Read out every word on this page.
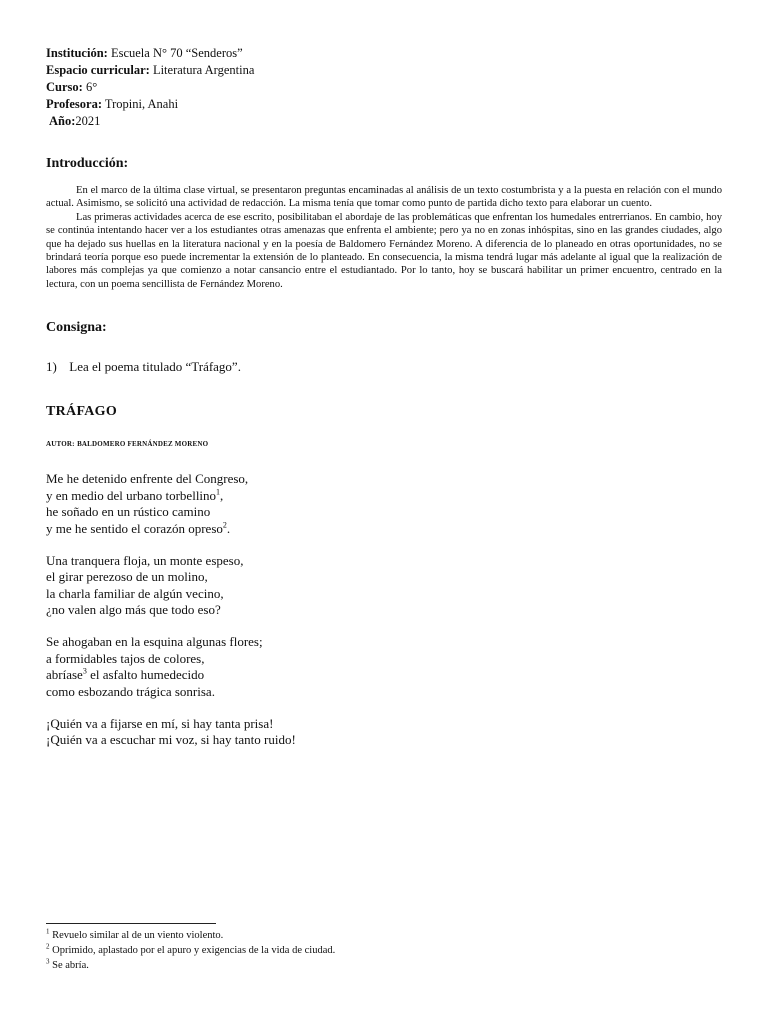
Institución: Escuela N° 70 “Senderos”
Espacio curricular: Literatura Argentina
Curso: 6°
Profesora: Tropini, Anahi
Año:2021
Introducción:

En el marco de la última clase virtual, se presentaron preguntas encaminadas al análisis de un texto costumbrista y a la puesta en relación con el mundo actual. Asimismo, se solicitó una actividad de redacción. La misma tenía que tomar como punto de partida dicho texto para elaborar un cuento.

Las primeras actividades acerca de ese escrito, posibilitaban el abordaje de las problemáticas que enfrentan los humedales entrerrianos. En cambio, hoy se continúa intentando hacer ver a los estudiantes otras amenazas que enfrenta el ambiente; pero ya no en zonas inhóspitas, sino en las grandes ciudades, algo que ha dejado sus huellas en la literatura nacional y en la poesía de Baldomero Fernández Moreno. A diferencia de lo planeado en otras oportunidades, no se brindará teoría porque eso puede incrementar la extensión de lo planteado. En consecuencia, la misma tendrá lugar más adelante al igual que la realización de labores más complejas ya que comienzo a notar cansancio entre el estudiantado. Por lo tanto, hoy se buscará habilitar un primer encuentro, centrado en la lectura, con un poema sencillista de Fernández Moreno.

Consigna:
1) Lea el poema titulado “Tráfago”.
TRÁFAGO
AUTOR: BALDOMERO FERNÁNDEZ MORENO
Me he detenido enfrente del Congreso,
y en medio del urbano torbellino$^1$,
he soñado en un rústico camino
y me he sentido el corazón opreso$^2$.
Una tranquera floja, un monte espeso,
el girar perezoso de un molino,
la charla familiar de algún vecino,
¿no valen algo más que todo eso?
Se ahogaban en la esquina algunas flores;
a formidables tajos de colores,
abríase$^3$ el asfalto humedecido
como esbozando trágica sonrisa.
¡Quién va a fijarse en mí, si hay tanta prisa!
¡Quién va a escuchar mi voz, si hay tanto ruido!
$^1$ Revuelo similar al de un viento violento.
$^2$ Oprimido, aplastado por el apuro y exigencias de la vida de ciudad.
$^3$ Se abría.
